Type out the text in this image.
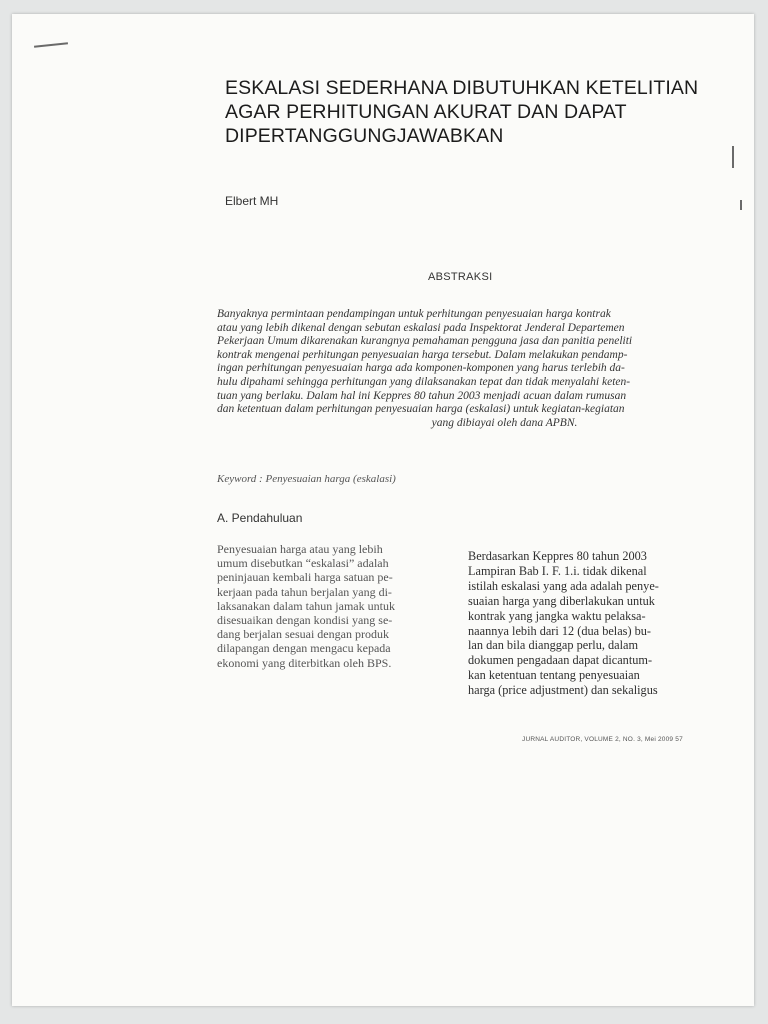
ESKALASI SEDERHANA DIBUTUHKAN KETELITIAN
AGAR PERHITUNGAN AKURAT DAN DAPAT
DIPERTANGGUNGJAWABKAN
Elbert MH
ABSTRAKSI

Banyaknya permintaan pendampingan untuk perhitungan penyesuaian harga kontrak
atau yang lebih dikenal dengan sebutan eskalasi pada Inspektorat Jenderal Departemen
Pekerjaan Umum dikarenakan kurangnya pemahaman pengguna jasa dan panitia peneliti
kontrak mengenai perhitungan penyesuaian harga tersebut. Dalam melakukan pendamp-
ingan perhitungan penyesuaian harga ada komponen-komponen yang harus terlebih da-
hulu dipahami sehingga perhitungan yang dilaksanakan tepat dan tidak menyalahi keten-
tuan yang berlaku. Dalam hal ini Keppres 80 tahun 2003 menjadi acuan dalam rumusan
dan ketentuan dalam perhitungan penyesuaian harga (eskalasi) untuk kegiatan-kegiatan
yang dibiayai oleh dana APBN.

Keyword : Penyesuaian harga (eskalasi)
A. Pendahuluan
Penyesuaian harga atau yang lebih
umum disebutkan “eskalasi” adalah
peninjauan kembali harga satuan pe-
kerjaan pada tahun berjalan yang di-
laksanakan dalam tahun jamak untuk
disesuaikan dengan kondisi yang se-
dang berjalan sesuai dengan produk
dilapangan dengan mengacu kepada
ekonomi yang diterbitkan oleh BPS.
Berdasarkan Keppres 80 tahun 2003
Lampiran Bab I. F. 1.i. tidak dikenal
istilah eskalasi yang ada adalah penye-
suaian harga yang diberlakukan untuk
kontrak yang jangka waktu pelaksa-
naannya lebih dari 12 (dua belas) bu-
lan dan bila dianggap perlu, dalam
dokumen pengadaan dapat dicantum-
kan ketentuan tentang penyesuaian
harga (price adjustment) dan sekaligus
JURNAL AUDITOR, VOLUME 2, NO. 3, Mei 2009 57
